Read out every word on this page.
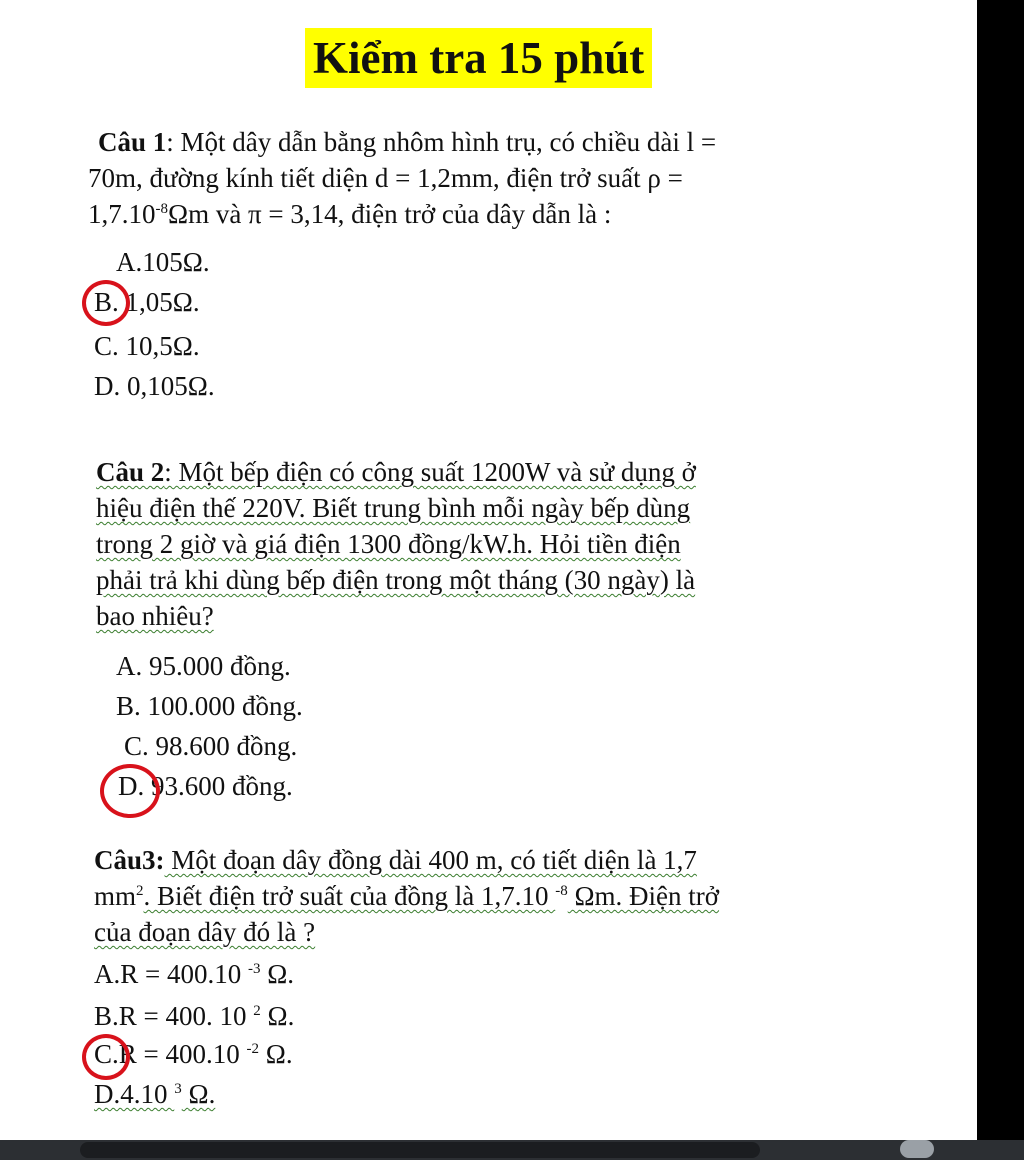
Kiểm tra 15 phút
Câu 1: Một dây dẫn bằng nhôm hình trụ, có chiều dài l =
70m, đường kính tiết diện d = 1,2mm, điện trở suất ρ =
$1,7.10^{-8}\Omega m$ và π = 3,14, điện trở của dây dẫn là :
A.105Ω.
B. 1,05Ω.
C. 10,5Ω.
D. 0,105Ω.
Câu 2: Một bếp điện có công suất 1200W và sử dụng ở
hiệu điện thế 220V. Biết trung bình mỗi ngày bếp dùng
trong 2 giờ và giá điện 1300 đồng/kW.h. Hỏi tiền điện
phải trả khi dùng bếp điện trong một tháng (30 ngày) là
bao nhiêu?
A. 95.000 đồng.
B. 100.000 đồng.
C. 98.600 đồng.
D. 93.600 đồng.
Câu3: Một đoạn dây đồng dài 400 m, có tiết diện là 1,7
$mm^2$. Biết điện trở suất của đồng là 1,7.10 $^{-8}$ Ωm. Điện trở
của đoạn dây đó là ?
A.R = 400.10 $^{-3}$ Ω.
B.R = 400. 10 $^2$ Ω.
C.R = 400.10 $^{-2}$ Ω.
D.4.10 $^3$ Ω.
